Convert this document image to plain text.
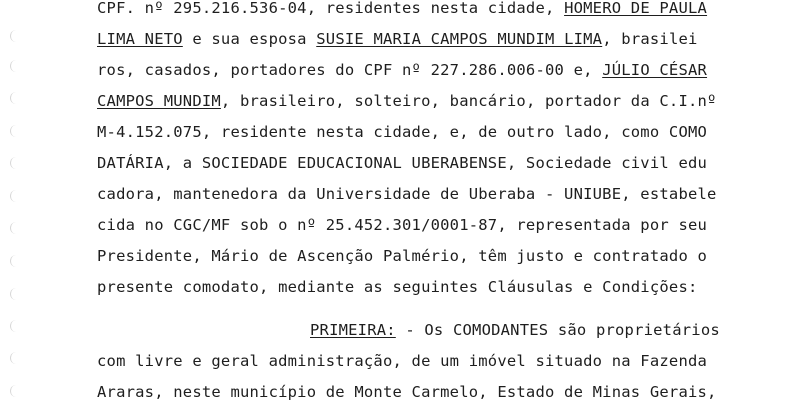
CPF. nº 295.216.536-04, residentes nesta cidade, HOMERO DE PAULA
LIMA NETO e sua esposa SUSIE MARIA CAMPOS MUNDIM LIMA, brasilei
ros, casados, portadores do CPF nº 227.286.006-00 e, JÚLIO CÉSAR
CAMPOS MUNDIM, brasileiro, solteiro, bancário, portador da C.I.nº
M-4.152.075, residente nesta cidade, e, de outro lado, como COMO
DATÁRIA, a SOCIEDADE EDUCACIONAL UBERABENSE, Sociedade civil edu
cadora, mantenedora da Universidade de Uberaba - UNIUBE, estabele
cida no CGC/MF sob o nº 25.452.301/0001-87, representada por seu
Presidente, Mário de Ascenção Palmério, têm justo e contratado o
presente comodato, mediante as seguintes Cláusulas e Condições:
PRIMEIRA: - Os COMODANTES são proprietários
com livre e geral administração, de um imóvel situado na Fazenda
Araras, neste município de Monte Carmelo, Estado de Minas Gerais,
